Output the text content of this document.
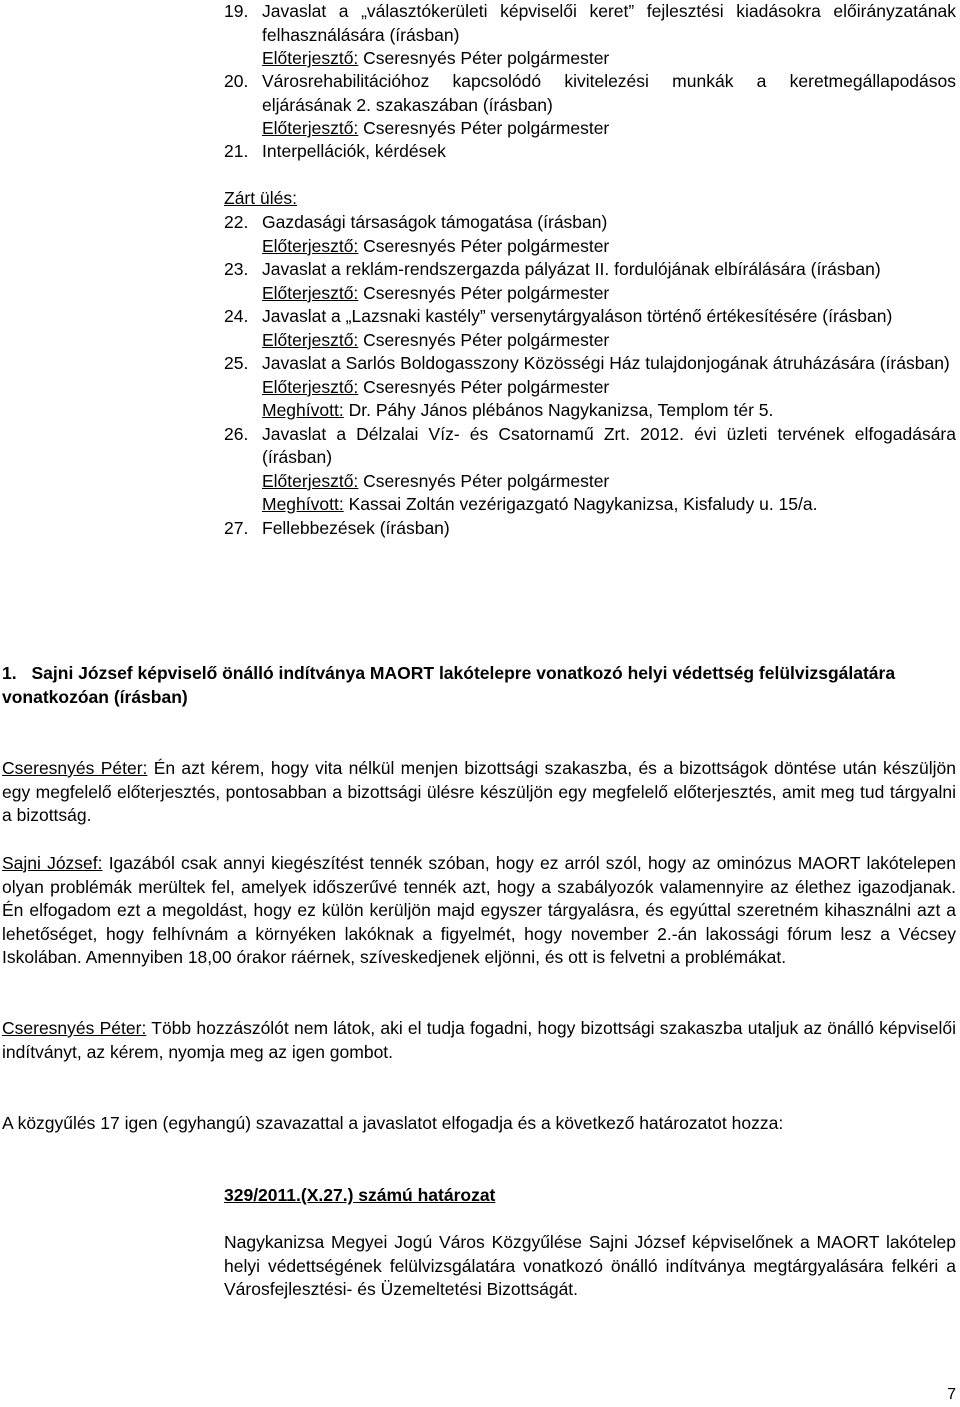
19. Javaslat a „választókerületi képviselői keret” fejlesztési kiadásokra előirányzatának felhasználására (írásban)
Előterjesztő: Cseresnyés Péter polgármester
20. Városrehabilitációhoz kapcsolódó kivitelezési munkák a keretmegállapodásos eljárásának 2. szakaszában (írásban)
Előterjesztő: Cseresnyés Péter polgármester
21. Interpellációk, kérdések
Zárt ülés:
22. Gazdasági társaságok támogatása (írásban)
Előterjesztő: Cseresnyés Péter polgármester
23. Javaslat a reklám-rendszergazda pályázat II. fordulójának elbírálására (írásban)
Előterjesztő: Cseresnyés Péter polgármester
24. Javaslat a „Lazsnaki kastély” versenytárgyaláson történő értékesítésére (írásban)
Előterjesztő: Cseresnyés Péter polgármester
25. Javaslat a Sarlós Boldogasszony Közösségi Ház tulajdonjogának átruházására (írásban)
Előterjesztő: Cseresnyés Péter polgármester
Meghívott: Dr. Páhy János plébános Nagykanizsa, Templom tér 5.
26. Javaslat a Délzalai Víz- és Csatornamű Zrt. 2012. évi üzleti tervének elfogadására (írásban)
Előterjesztő: Cseresnyés Péter polgármester
Meghívott: Kassai Zoltán vezérigazgató Nagykanizsa, Kisfaludy u. 15/a.
27. Fellebbezések (írásban)
1. Sajni József képviselő önálló indítványa MAORT lakótelepre vonatkozó helyi védettség felülvizsgálatára vonatkozóan (írásban)
Cseresnyés Péter: Én azt kérem, hogy vita nélkül menjen bizottsági szakaszba, és a bizottságok döntése után készüljön egy megfelelő előterjesztés, pontosabban a bizottsági ülésre készüljön egy megfelelő előterjesztés, amit meg tud tárgyalni a bizottság.
Sajni József: Igazából csak annyi kiegészítést tennék szóban, hogy ez arról szól, hogy az ominózus MAORT lakótelepen olyan problémák merültek fel, amelyek időszerűvé tennék azt, hogy a szabályozók valamennyire az élethez igazodjanak. Én elfogadom ezt a megoldást, hogy ez külön kerüljön majd egyszer tárgyalásra, és egyúttal szeretném kihasználni azt a lehetőséget, hogy felhívnám a környéken lakóknak a figyelmét, hogy november 2.-án lakossági fórum lesz a Vécsey Iskolában. Amennyiben 18,00 órakor ráérnek, szíveskedjenek eljönni, és ott is felvetni a problémákat.
Cseresnyés Péter: Több hozzászólót nem látok, aki el tudja fogadni, hogy bizottsági szakaszba utaljuk az önálló képviselői indítványt, az kérem, nyomja meg az igen gombot.
A közgyűlés 17 igen (egyhangú) szavazattal a javaslatot elfogadja és a következő határozatot hozza:
329/2011.(X.27.) számú határozat
Nagykanizsa Megyei Jogú Város Közgyűlése Sajni József képviselőnek a MAORT lakótelep helyi védettségének felülvizsgálatára vonatkozó önálló indítványa megtárgyalására felkéri a Városfejlesztési- és Üzemeltetési Bizottságát.
7
